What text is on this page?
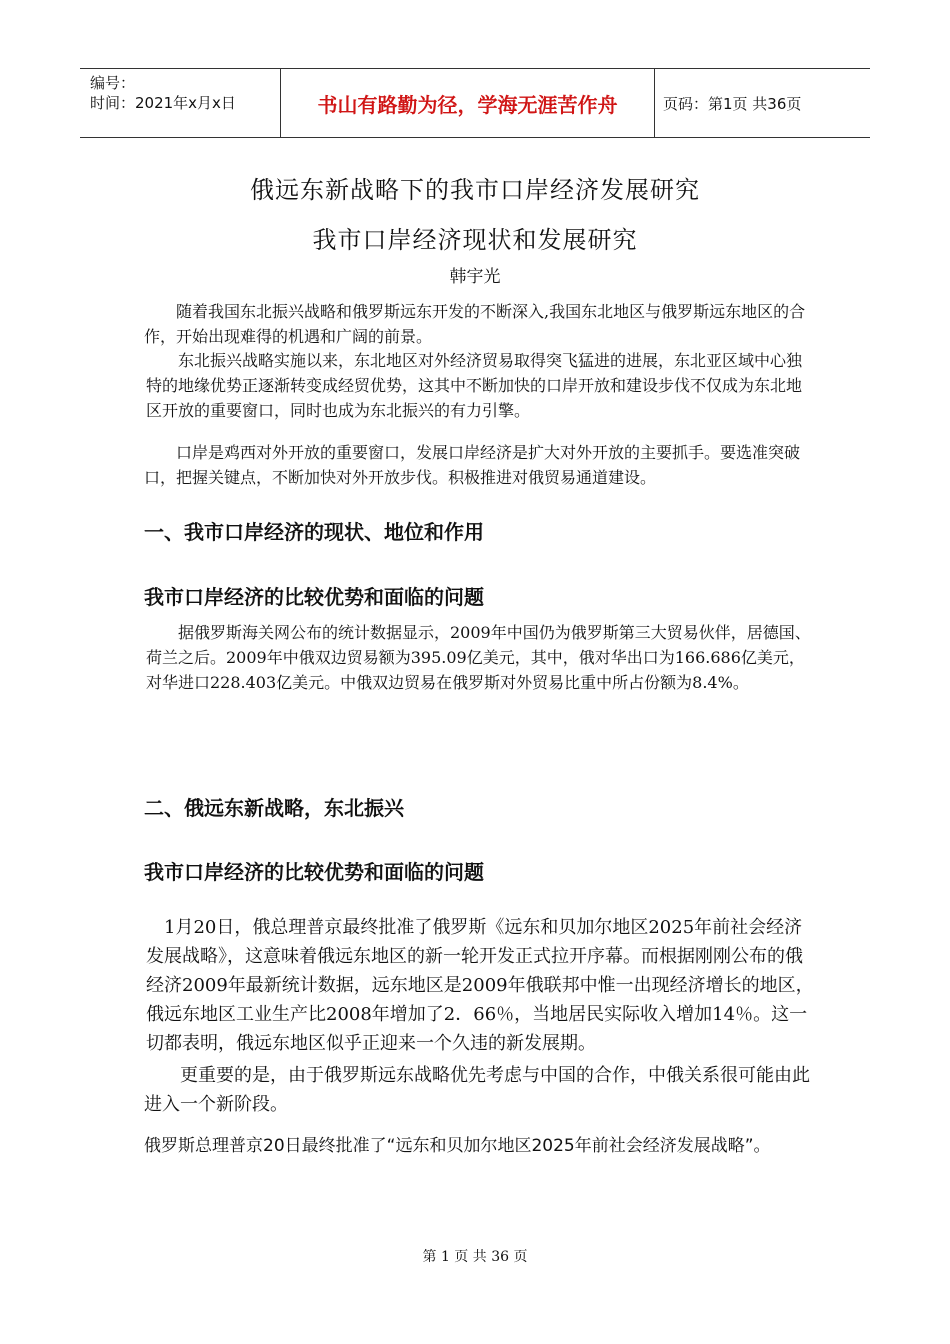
编号：
时间：2021年x月x日	书山有路勤为径，学海无涯苦作舟	页码：第1页 共36页
俄远东新战略下的我市口岸经济发展研究
我市口岸经济现状和发展研究
韩宇光

随着我国东北振兴战略和俄罗斯远东开发的不断深入,我国东北地区与俄罗斯远东地区的合作，开始出现难得的机遇和广阔的前景。

东北振兴战略实施以来，东北地区对外经济贸易取得突飞猛进的进展，东北亚区域中心独特的地缘优势正逐渐转变成经贸优势，这其中不断加快的口岸开放和建设步伐不仅成为东北地区开放的重要窗口，同时也成为东北振兴的有力引擎。

口岸是鸡西对外开放的重要窗口，发展口岸经济是扩大对外开放的主要抓手。要选准突破口，把握关键点，不断加快对外开放步伐。积极推进对俄贸易通道建设。

一、我市口岸经济的现状、地位和作用
我市口岸经济的比较优势和面临的问题

据俄罗斯海关网公布的统计数据显示，2009年中国仍为俄罗斯第三大贸易伙伴，居德国、荷兰之后。2009年中俄双边贸易额为395.09亿美元，其中，俄对华出口为166.686亿美元，对华进口228.403亿美元。中俄双边贸易在俄罗斯对外贸易比重中所占份额为8.4%。

二、俄远东新战略，东北振兴
我市口岸经济的比较优势和面临的问题

1月20日，俄总理普京最终批准了俄罗斯《远东和贝加尔地区2025年前社会经济发展战略》，这意味着俄远东地区的新一轮开发正式拉开序幕。而根据刚刚公布的俄经济2009年最新统计数据，远东地区是2009年俄联邦中惟一出现经济增长的地区，俄远东地区工业生产比2008年增加了2．66％，当地居民实际收入增加14％。这一切都表明，俄远东地区似乎正迎来一个久违的新发展期。

更重要的是，由于俄罗斯远东战略优先考虑与中国的合作，中俄关系很可能由此进入一个新阶段。

俄罗斯总理普京20日最终批准了“远东和贝加尔地区2025年前社会经济发展战略”。

第 1 页 共 36 页
